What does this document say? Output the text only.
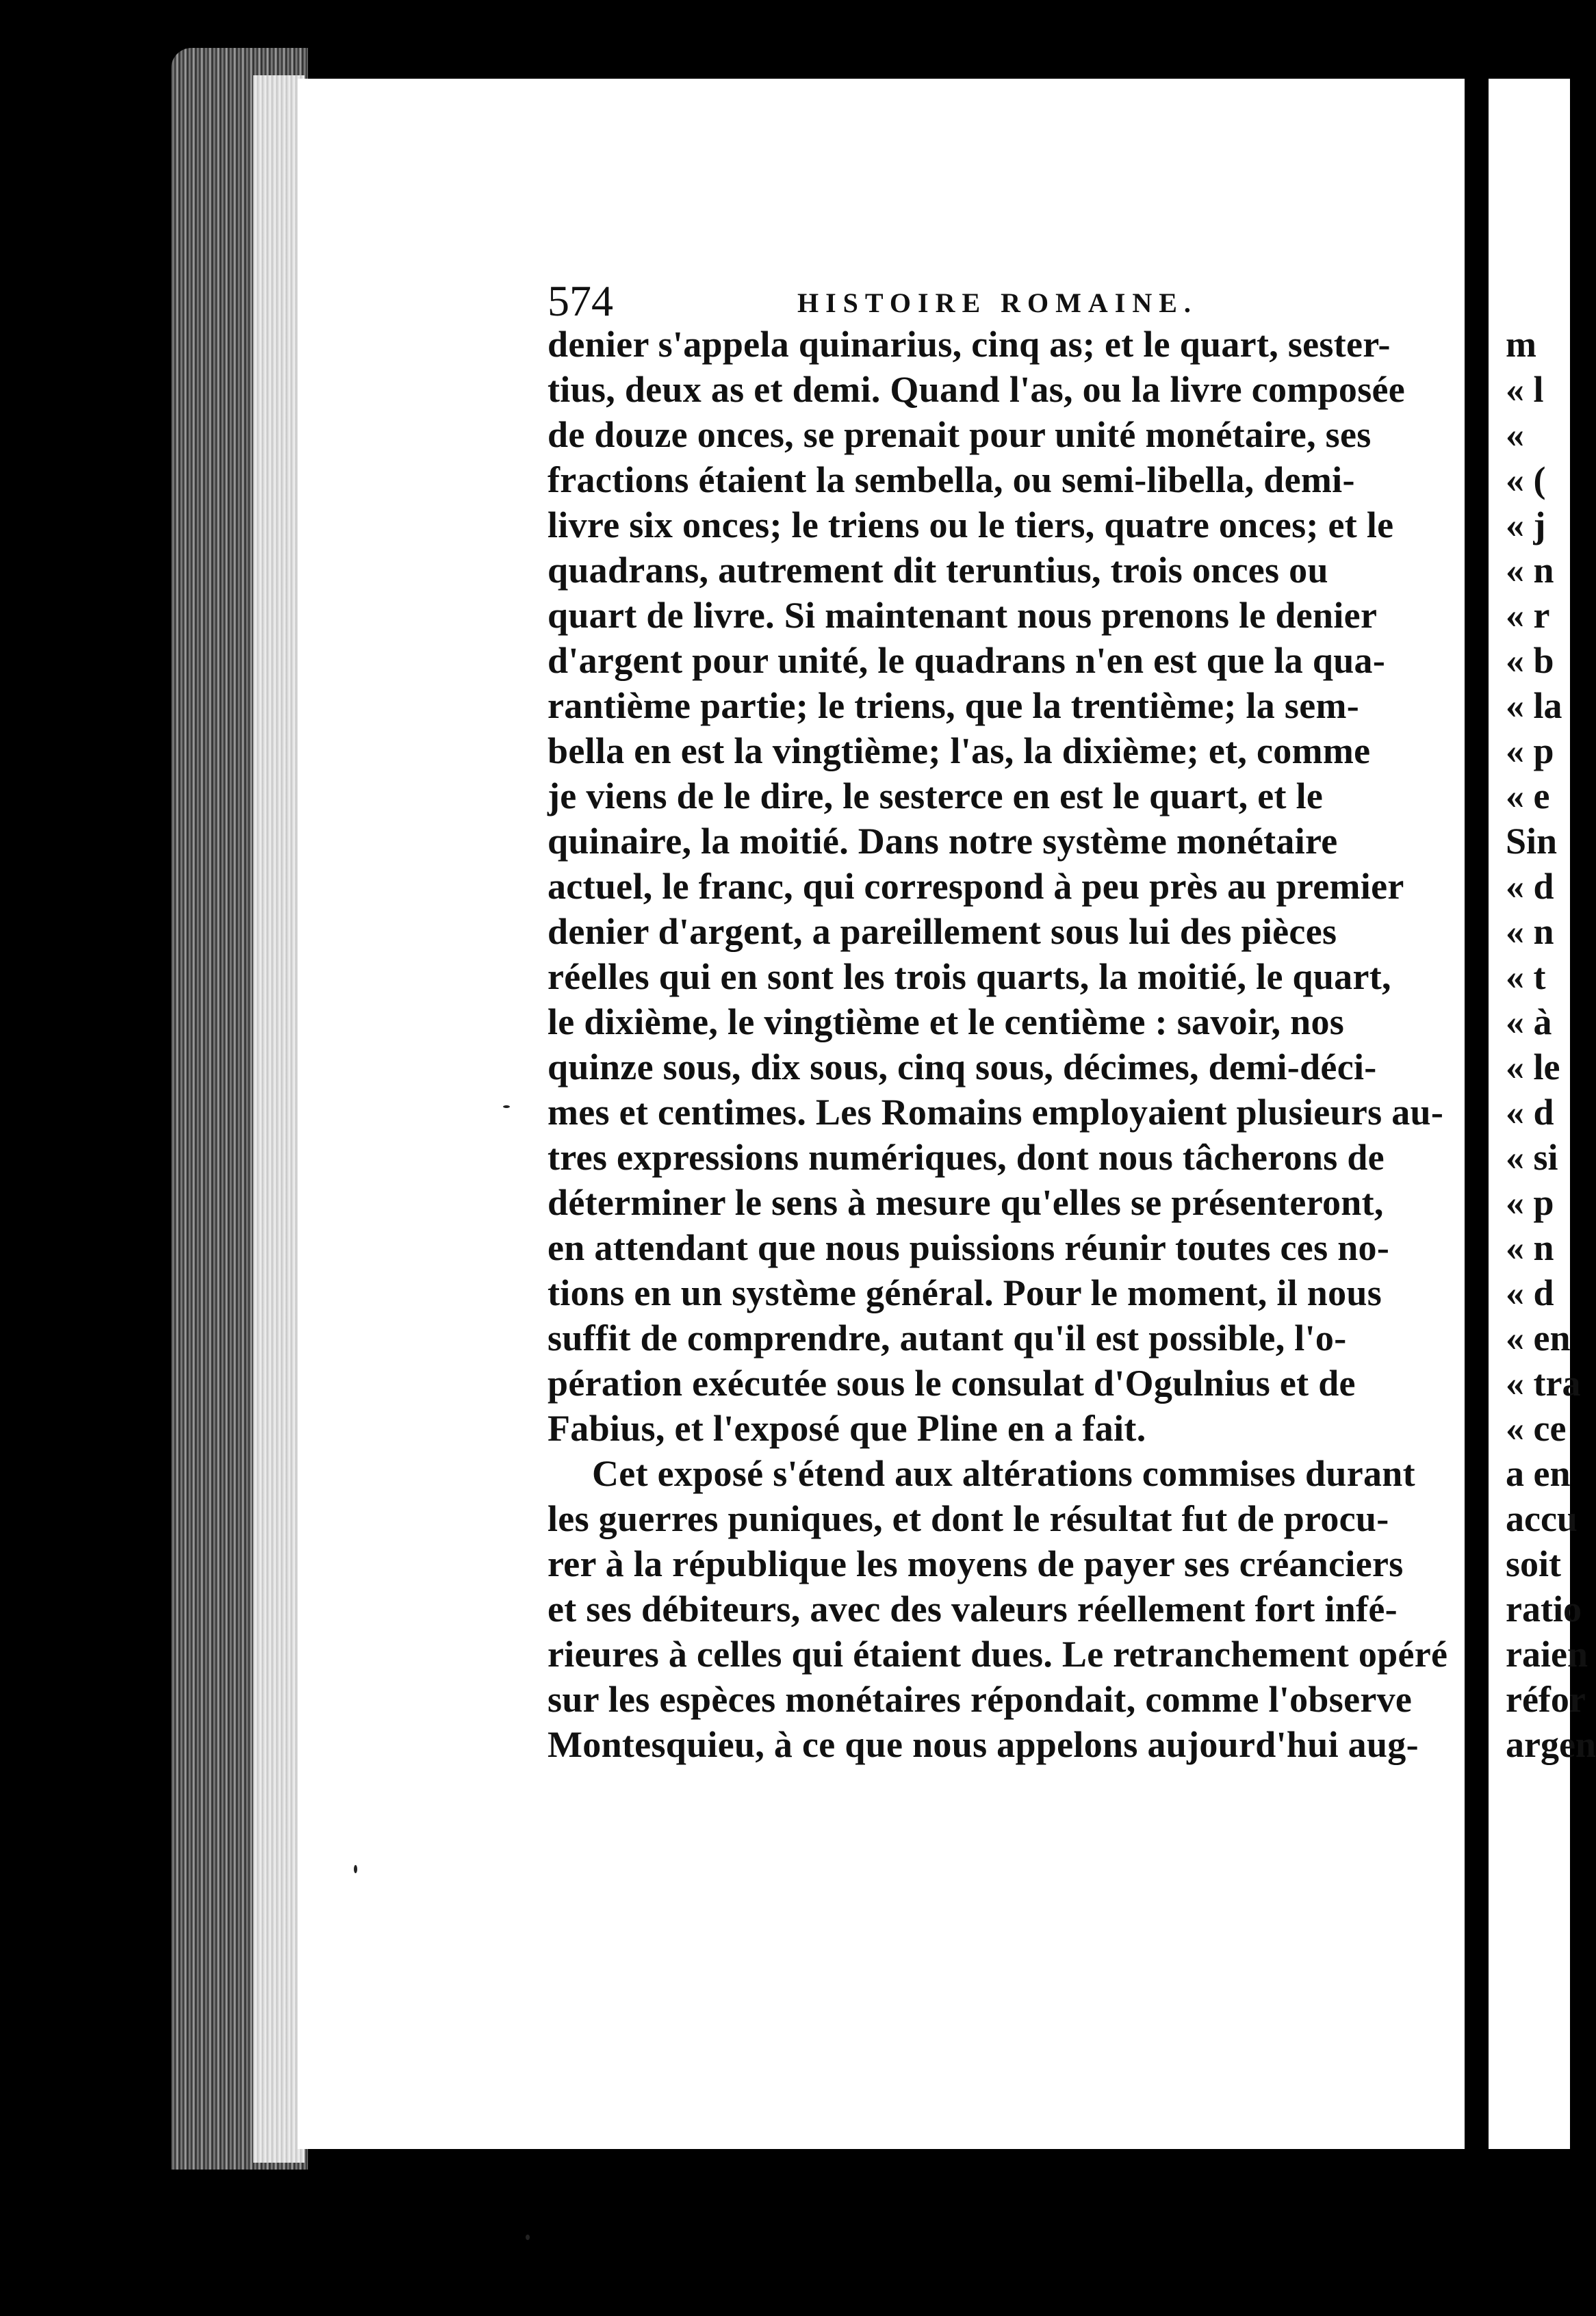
574	HISTOIRE ROMAINE.
denier s'appela quinarius, cinq as; et le quart, sester-
tius, deux as et demi. Quand l'as, ou la livre composée
de douze onces, se prenait pour unité monétaire, ses
fractions étaient la sembella, ou semi-libella, demi-
livre six onces; le triens ou le tiers, quatre onces; et le
quadrans, autrement dit teruntius, trois onces ou
quart de livre. Si maintenant nous prenons le denier
d'argent pour unité, le quadrans n'en est que la qua-
rantième partie; le triens, que la trentième; la sem-
bella en est la vingtième; l'as, la dixième; et, comme
je viens de le dire, le sesterce en est le quart, et le
quinaire, la moitié. Dans notre système monétaire
actuel, le franc, qui correspond à peu près au premier
denier d'argent, a pareillement sous lui des pièces
réelles qui en sont les trois quarts, la moitié, le quart,
le dixième, le vingtième et le centième : savoir, nos
quinze sous, dix sous, cinq sous, décimes, demi-déci-
mes et centimes. Les Romains employaient plusieurs au-
tres expressions numériques, dont nous tâcherons de
déterminer le sens à mesure qu'elles se présenteront,
en attendant que nous puissions réunir toutes ces no-
tions en un système général. Pour le moment, il nous
suffit de comprendre, autant qu'il est possible, l'o-
pération exécutée sous le consulat d'Ogulnius et de
Fabius, et l'exposé que Pline en a fait.
Cet exposé s'étend aux altérations commises durant
les guerres puniques, et dont le résultat fut de procu-
rer à la république les moyens de payer ses créanciers
et ses débiteurs, avec des valeurs réellement fort infé-
rieures à celles qui étaient dues. Le retranchement opéré
sur les espèces monétaires répondait, comme l'observe
Montesquieu, à ce que nous appelons aujourd'hui aug-
m
« l
«
« (
« j
« n
« r
« b
« la
« p
« e
Sin
« d
« n
« t
« à
« le
« d
« si
« p
« n
« d
« en
« tra
« ce
a en
accu
soit
ratio
raien
réfor
argen
